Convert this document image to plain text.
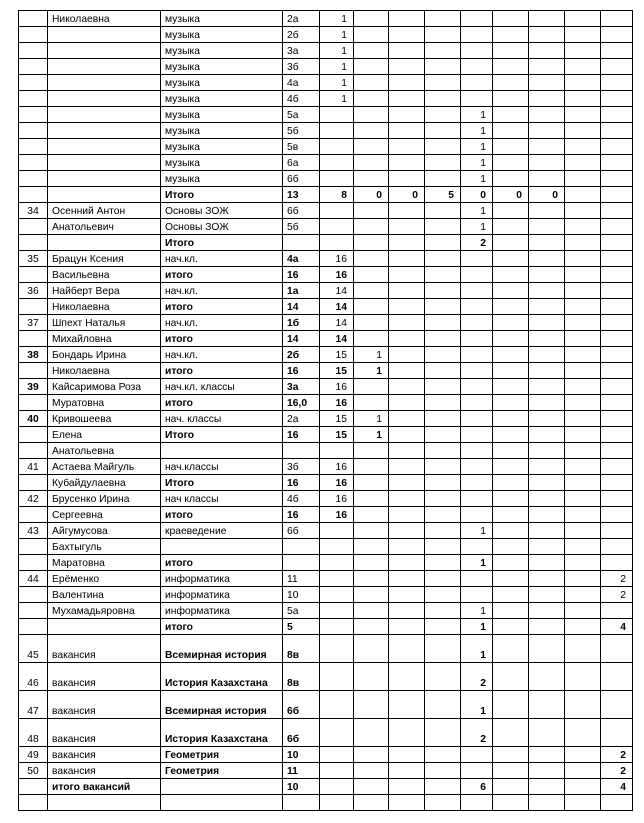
	Николаевна	музыка	2а	1								
		музыка	2б	1								
		музыка	3а	1								
		музыка	3б	1								
		музыка	4а	1								
		музыка	4б	1								
		музыка	5а					1				
		музыка	5б					1				
		музыка	5в					1				
		музыка	6а					1				
		музыка	6б					1				
		Итого	13	8	0	0	5	0	0	0		
34	Осенний Антон	Основы ЗОЖ	6б					1				
	Анатольевич	Основы ЗОЖ	5б					1				
		Итого						2				
35	Брацун Ксения	нач.кл.	4а	16								
	Васильевна	итого	16	16								
36	Найберт Вера	нач.кл.	1а	14								
	Николаевна	итого	14	14								
37	Шпехт Наталья	нач.кл.	1б	14								
	Михайловна	итого	14	14								
38	Бондарь Ирина	нач.кл.	2б	15	1							
	Николаевна	итого	16	15	1							
39	Кайсаримова Роза	нач.кл. классы	3а	16								
	Муратовна	итого	16,0	16								
40	Кривошеева	нач. классы	2а	15	1							
	Елена	Итого	16	15	1							
	Анатольевна											
41	Астаева Майгуль	нач.классы	3б	16								
	Кубайдулаевна	Итого	16	16								
42	Брусенко Ирина	нач классы	4б	16								
	Сергеевна	итого	16	16								
43	Айгумусова	краеведение	6б					1				
	Бахтыгуль											
	Маратовна	итого						1				
44	Ерёменко	информатика	11									2
	Валентина	информатика	10									2
	Мухамадьяровна	информатика	5а					1				
		итого	5					1				4
45	вакансия	Всемирная история	8в					1				
46	вакансия	История Казахстана	8в					2				
47	вакансия	Всемирная история	6б					1				
48	вакансия	История Казахстана	6б					2				
49	вакансия	Геометрия	10									2
50	вакансия	Геометрия	11									2
	итого вакансий		10					6				4
